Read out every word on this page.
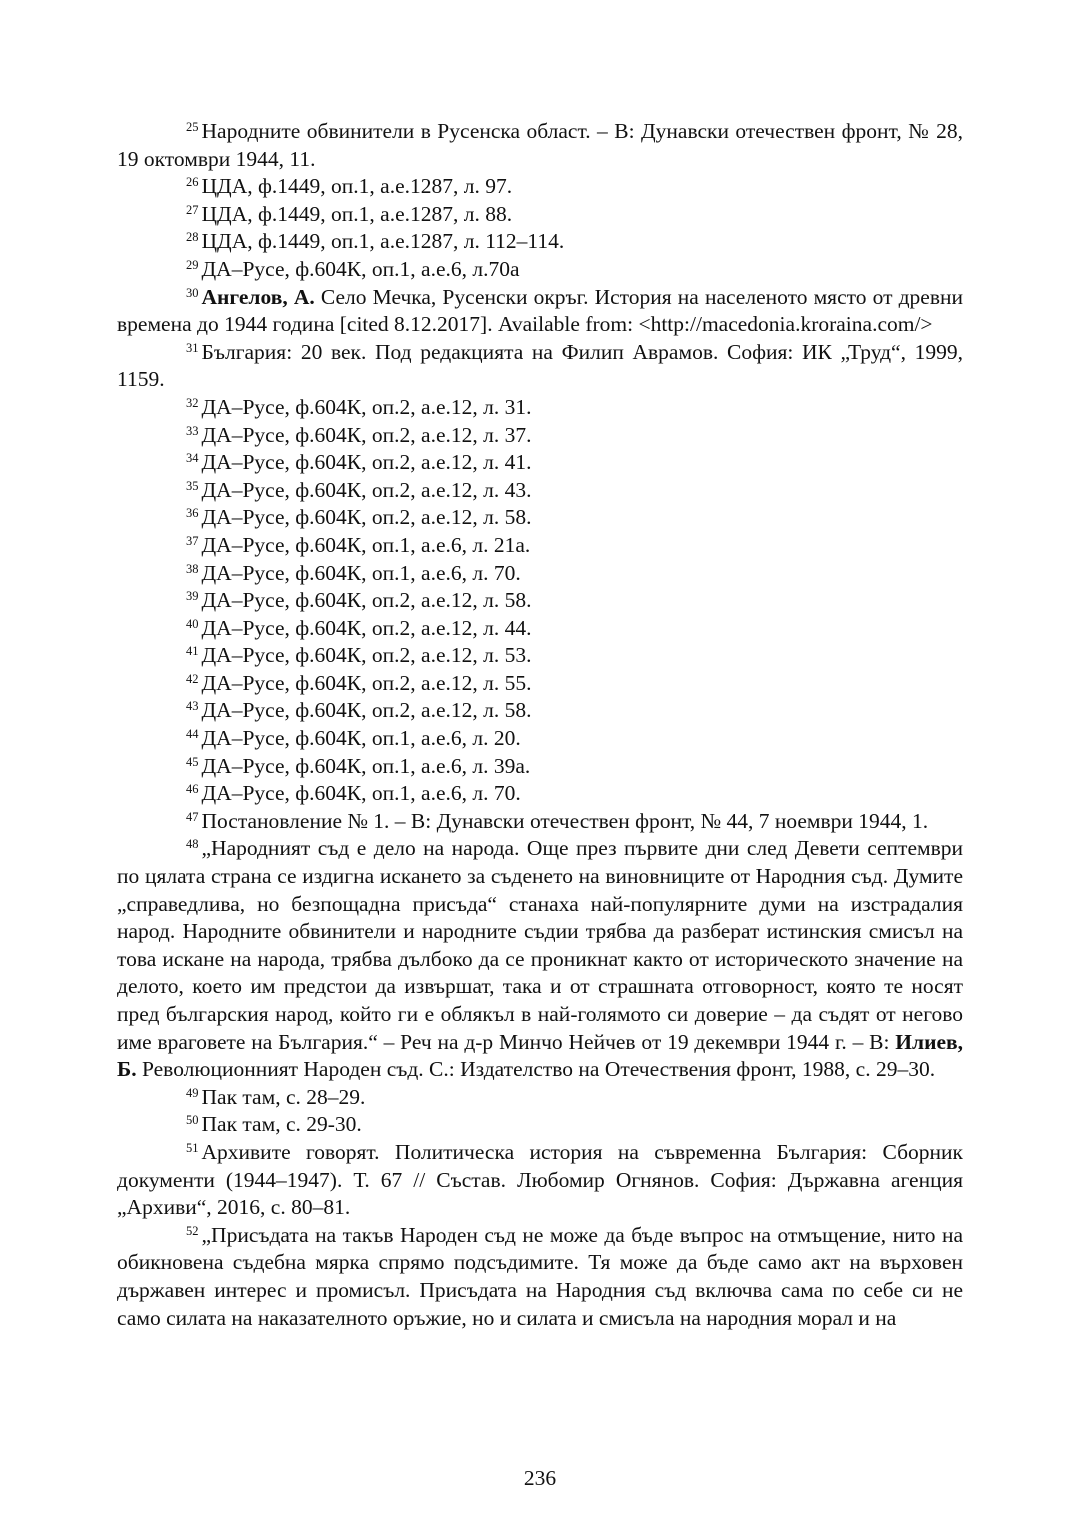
$^{25}$ Народните обвинители в Русенска област. – В: Дунавски отечествен фронт, № 28, 19 октомври 1944, 11.

$^{26}$ ЦДА, ф.1449, оп.1, а.е.1287, л. 97.

$^{27}$ ЦДА, ф.1449, оп.1, а.е.1287, л. 88.

$^{28}$ ЦДА, ф.1449, оп.1, а.е.1287, л. 112–114.

$^{29}$ ДА–Русе, ф.604К, оп.1, а.е.6, л.70а

$^{30}$ Ангелов, А. Село Мечка, Русенски окръг. История на населеното място от древни времена до 1944 година [cited 8.12.2017]. Available from: <http://macedonia.kroraina.com/>

$^{31}$ България: 20 век. Под редакцията на Филип Аврамов. София: ИК „Труд“, 1999, 1159.

$^{32}$ ДА–Русе, ф.604К, оп.2, а.е.12, л. 31.

$^{33}$ ДА–Русе, ф.604К, оп.2, а.е.12, л. 37.

$^{34}$ ДА–Русе, ф.604К, оп.2, а.е.12, л. 41.

$^{35}$ ДА–Русе, ф.604К, оп.2, а.е.12, л. 43.

$^{36}$ ДА–Русе, ф.604К, оп.2, а.е.12, л. 58.

$^{37}$ ДА–Русе, ф.604К, оп.1, а.е.6, л. 21а.

$^{38}$ ДА–Русе, ф.604К, оп.1, а.е.6, л. 70.

$^{39}$ ДА–Русе, ф.604К, оп.2, а.е.12, л. 58.

$^{40}$ ДА–Русе, ф.604К, оп.2, а.е.12, л. 44.

$^{41}$ ДА–Русе, ф.604К, оп.2, а.е.12, л. 53.

$^{42}$ ДА–Русе, ф.604К, оп.2, а.е.12, л. 55.

$^{43}$ ДА–Русе, ф.604К, оп.2, а.е.12, л. 58.

$^{44}$ ДА–Русе, ф.604К, оп.1, а.е.6, л. 20.

$^{45}$ ДА–Русе, ф.604К, оп.1, а.е.6, л. 39а.

$^{46}$ ДА–Русе, ф.604К, оп.1, а.е.6, л. 70.

$^{47}$ Постановление № 1. – В: Дунавски отечествен фронт, № 44, 7 ноември 1944, 1.

$^{48}$ „Народният съд е дело на народа. Още през първите дни след Девети септември по цялата страна се издигна искането за съденето на виновниците от Народния съд. Думите „справедлива, но безпощадна присъда“ станаха най-популярните думи на изстрадалия народ. Народните обвинители и народните съдии трябва да разберат истинския смисъл на това искане на народа, трябва дълбоко да се проникнат както от историческото значение на делото, което им предстои да извършат, така и от страшната отговорност, която те носят пред българския народ, който ги е облякъл в най-голямото си доверие – да съдят от негово име враговете на България.“ – Реч на д-р Минчо Нейчев от 19 декември 1944 г. – В: Илиев, Б. Революционният Народен съд. С.: Издателство на Отечествения фронт, 1988, с. 29–30.

$^{49}$ Пак там, с. 28–29.

$^{50}$ Пак там, с. 29-30.

$^{51}$ Архивите говорят. Политическа история на съвременна България: Сборник документи (1944–1947). Т. 67 // Състав. Любомир Огнянов. София: Държавна агенция „Архиви“, 2016, с. 80–81.

$^{52}$ „Присъдата на такъв Народен съд не може да бъде въпрос на отмъщение, нито на обикновена съдебна мярка спрямо подсъдимите. Тя може да бъде само акт на върховен държавен интерес и промисъл. Присъдата на Народния съд включва сама по себе си не само силата на наказателното оръжие, но и силата и смисъла на народния морал и на

236
